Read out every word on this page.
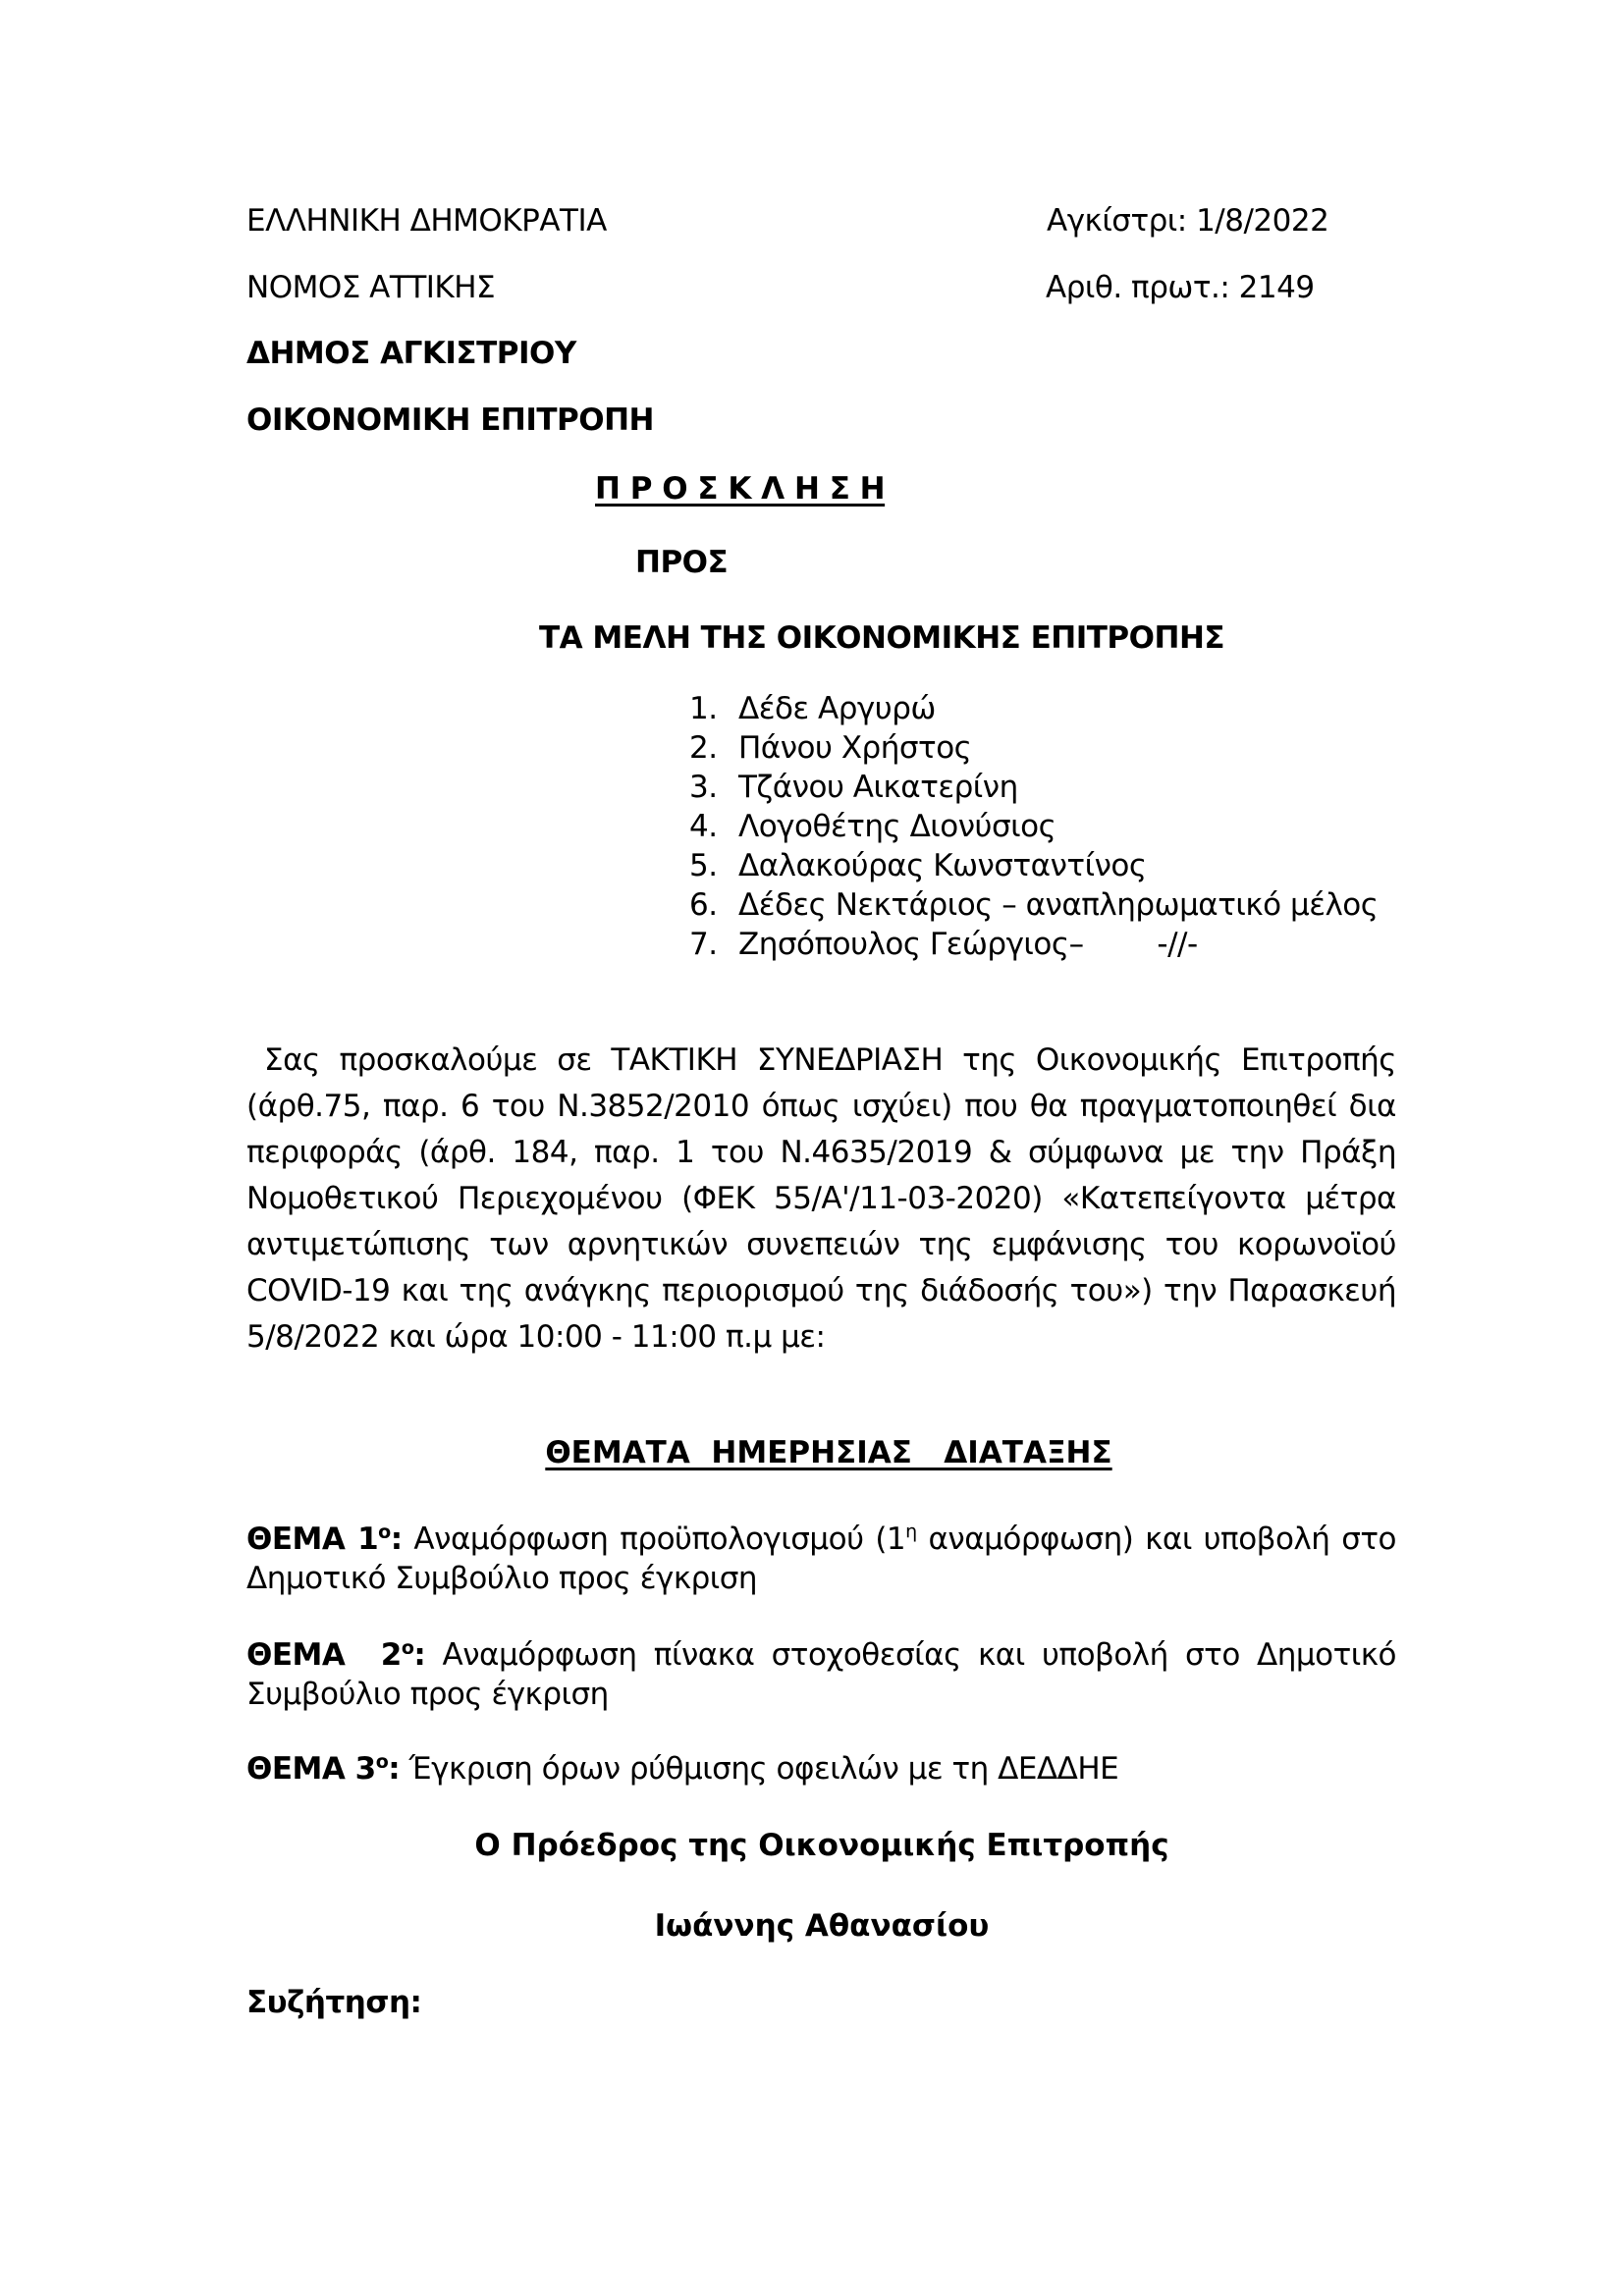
ΕΛΛΗΝΙΚΗ ΔΗΜΟΚΡΑΤΙΑ
ΝΟΜΟΣ ΑΤΤΙΚΗΣ
ΔΗΜΟΣ ΑΓΚΙΣΤΡΙΟΥ
ΟΙΚΟΝΟΜΙΚΗ ΕΠΙΤΡΟΠΗ
Αγκίστρι: 1/8/2022
Αριθ. πρωτ.: 2149
Π Ρ Ο Σ Κ Λ Η Σ Η
ΠΡΟΣ
ΤΑ ΜΕΛΗ ΤΗΣ ΟΙΚΟΝΟΜΙΚΗΣ ΕΠΙΤΡΟΠΗΣ
1. Δέδε Αργυρώ
2. Πάνου Χρήστος
3. Τζάνου Αικατερίνη
4. Λογοθέτης Διονύσιος
5. Δαλακούρας Κωνσταντίνος
6. Δέδες Νεκτάριος – αναπληρωματικό μέλος
7. Ζησόπουλος Γεώργιος–        -//-

Σας προσκαλούμε σε ΤΑΚΤΙΚΗ ΣΥΝΕΔΡΙΑΣΗ της Οικονομικής Επιτροπής (άρθ.75, παρ. 6 του Ν.3852/2010 όπως ισχύει) που θα πραγματοποιηθεί δια περιφοράς (άρθ. 184, παρ. 1 του Ν.4635/2019 & σύμφωνα με την Πράξη Νομοθετικού Περιεχομένου (ΦΕΚ 55/Α'/11-03-2020) «Κατεπείγοντα μέτρα αντιμετώπισης των αρνητικών συνεπειών της εμφάνισης του κορωνοϊού COVID-19 και της ανάγκης περιορισμού της διάδοσής του») την Παρασκευή 5/8/2022 και ώρα 10:00 - 11:00 π.μ με:

ΘΕΜΑΤΑ  ΗΜΕΡΗΣΙΑΣ   ΔΙΑΤΑΞΗΣ
ΘΕΜΑ $1^o$: Αναμόρφωση προϋπολογισμού ($1^\eta$ αναμόρφωση) και υποβολή στο Δημοτικό Συμβούλιο προς έγκριση
ΘΕΜΑ  $2^o$: Αναμόρφωση πίνακα στοχοθεσίας και υποβολή στο Δημοτικό Συμβούλιο προς έγκριση
ΘΕΜΑ $3^o$: Έγκριση όρων ρύθμισης οφειλών με τη ΔΕΔΔΗΕ
Ο Πρόεδρος της Οικονομικής Επιτροπής
Ιωάννης Αθανασίου
Συζήτηση:
